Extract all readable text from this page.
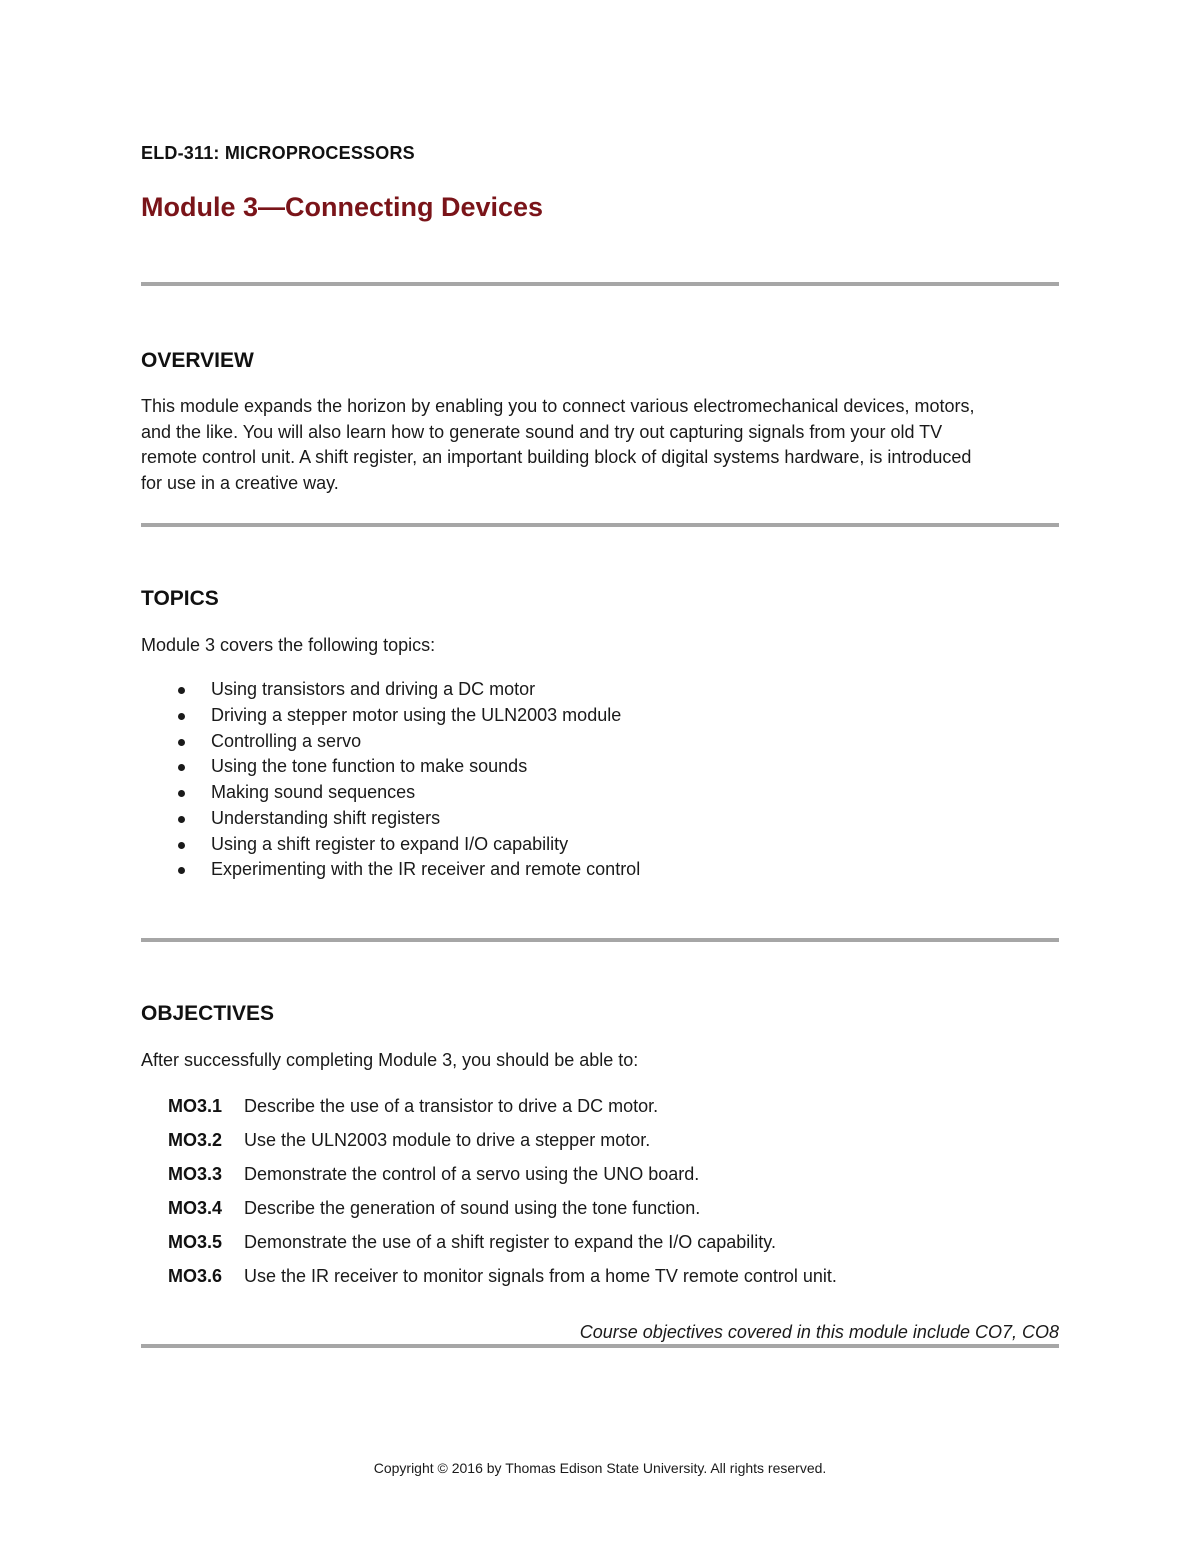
ELD-311: MICROPROCESSORS
Module 3—Connecting Devices
OVERVIEW
This module expands the horizon by enabling you to connect various electromechanical devices, motors,
and the like. You will also learn how to generate sound and try out capturing signals from your old TV
remote control unit. A shift register, an important building block of digital systems hardware, is introduced
for use in a creative way.
TOPICS
Module 3 covers the following topics:
Using transistors and driving a DC motor
Driving a stepper motor using the ULN2003 module
Controlling a servo
Using the tone function to make sounds
Making sound sequences
Understanding shift registers
Using a shift register to expand I/O capability
Experimenting with the IR receiver and remote control
OBJECTIVES
After successfully completing Module 3, you should be able to:
MO3.1 Describe the use of a transistor to drive a DC motor.
MO3.2 Use the ULN2003 module to drive a stepper motor.
MO3.3 Demonstrate the control of a servo using the UNO board.
MO3.4 Describe the generation of sound using the tone function.
MO3.5 Demonstrate the use of a shift register to expand the I/O capability.
MO3.6 Use the IR receiver to monitor signals from a home TV remote control unit.
Course objectives covered in this module include CO7, CO8
Copyright © 2016 by Thomas Edison State University. All rights reserved.
